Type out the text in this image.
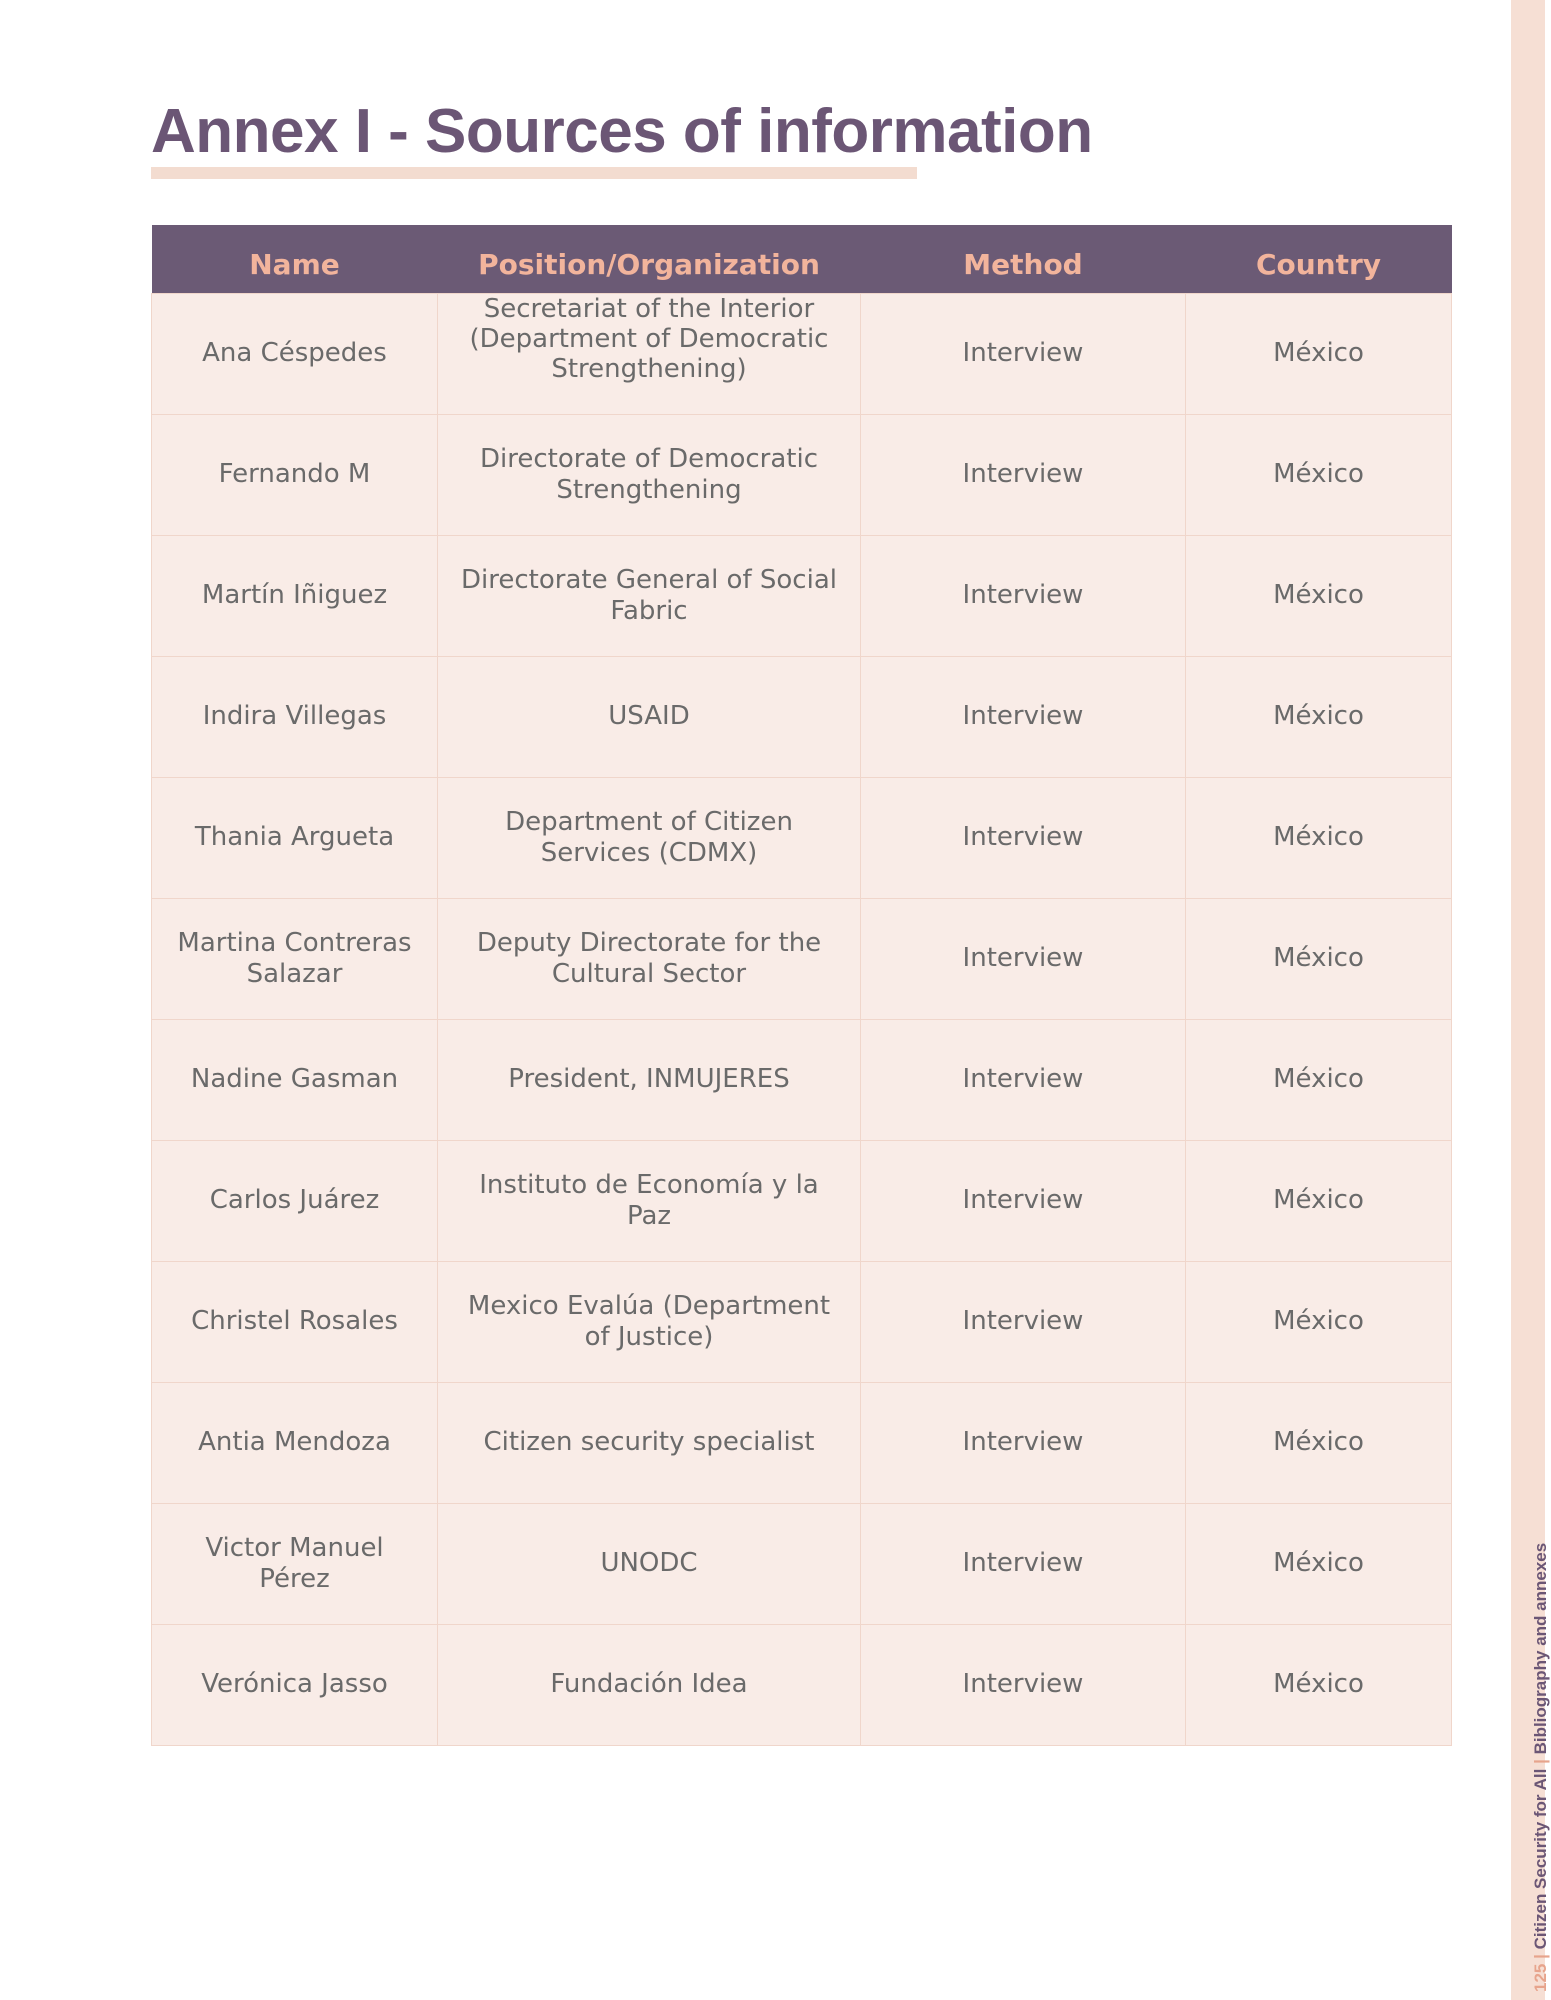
Annex I - Sources of information
Name	Position/Organization	Method	Country
Ana Céspedes	Secretariat of the Interior (Department of Democratic Strengthening)	Interview	México
Fernando M	Directorate of Democratic Strengthening	Interview	México
Martín Iñiguez	Directorate General of Social Fabric	Interview	México
Indira Villegas	USAID	Interview	México
Thania Argueta	Department of Citizen Services (CDMX)	Interview	México
Martina Contreras Salazar	Deputy Directorate for the Cultural Sector	Interview	México
Nadine Gasman	President, INMUJERES	Interview	México
Carlos Juárez	Instituto de Economía y la Paz	Interview	México
Christel Rosales	Mexico Evalúa (Department of Justice)	Interview	México
Antia Mendoza	Citizen security specialist	Interview	México
Victor Manuel Pérez	UNODC	Interview	México
Verónica Jasso	Fundación Idea	Interview	México
125 | Citizen Security for All | Bibliography and annexes
